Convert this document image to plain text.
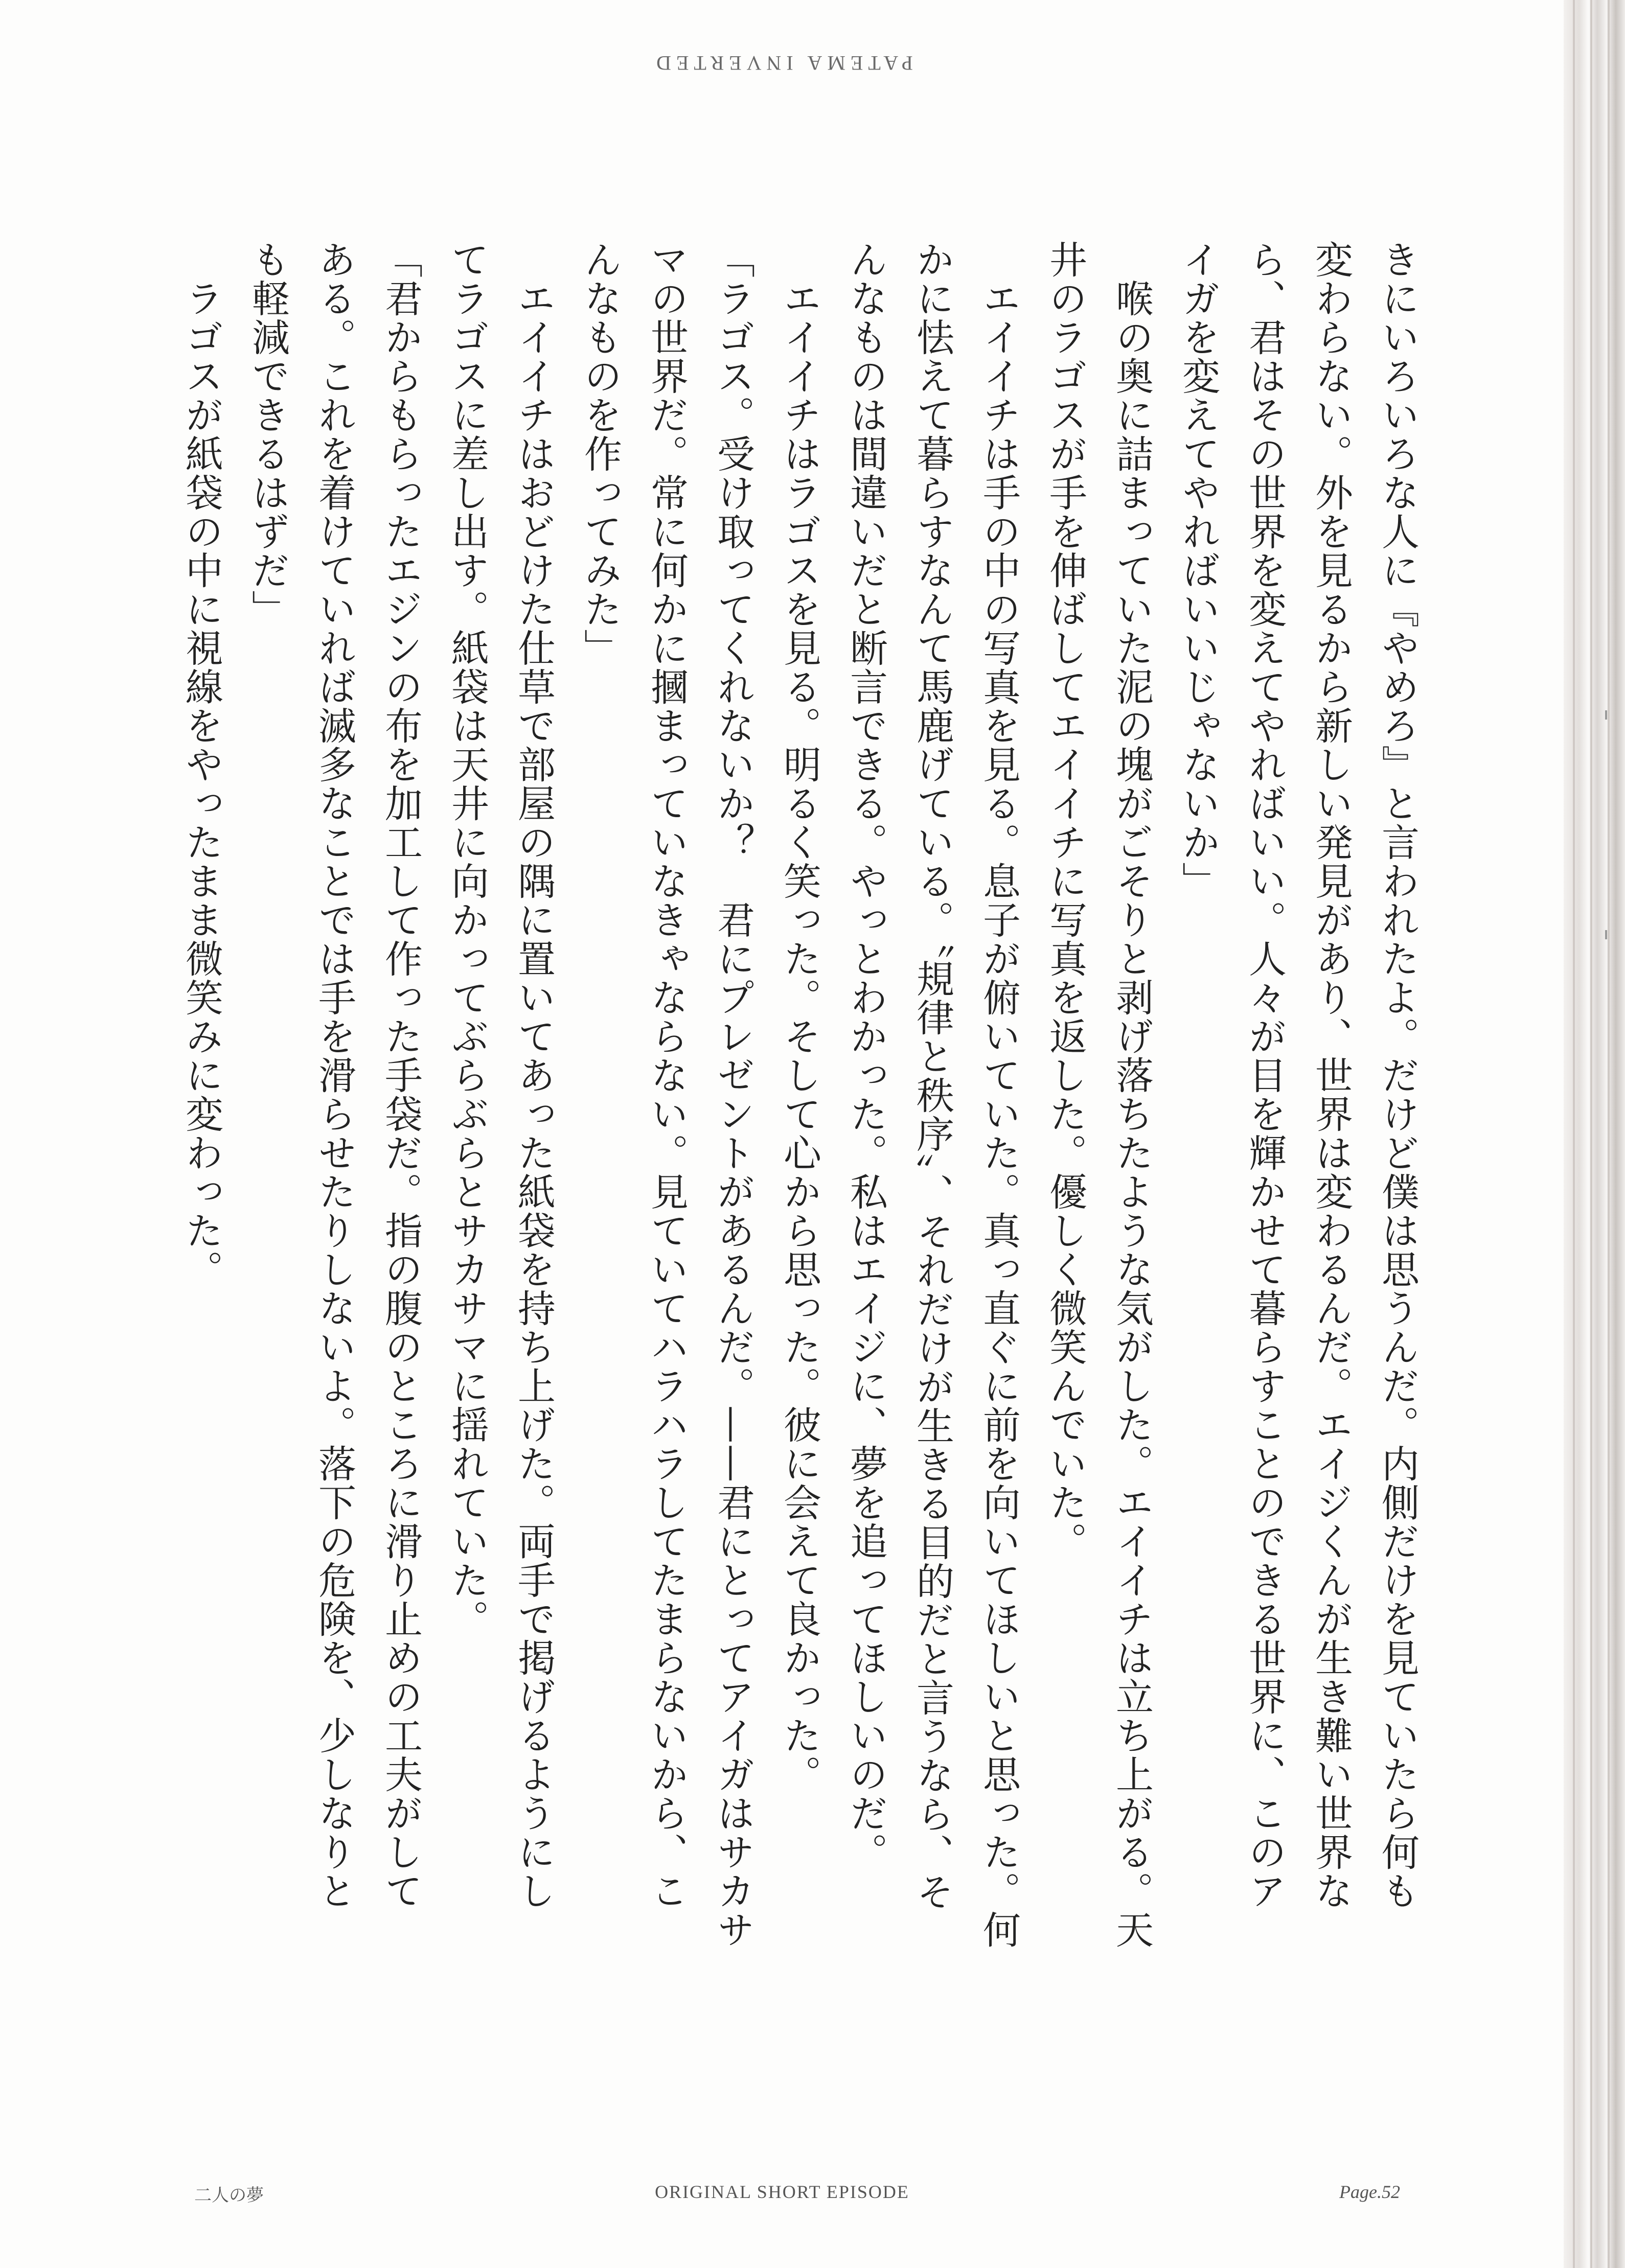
PATEMA INVERTED

きにいろいろな人に『やめろ』と言われたよ。だけど僕は思うんだ。内側だけを見ていたら何も

変わらない。外を見るから新しい発見があり、世界は変わるんだ。エイジくんが生き難い世界な

ら、君はその世界を変えてやればいい。人々が目を輝かせて暮らすことのできる世界に、このア

イガを変えてやればいいじゃないか」

　喉の奥に詰まっていた泥の塊がごそりと剥げ落ちたような気がした。エイイチは立ち上がる。天

井のラゴスが手を伸ばしてエイイチに写真を返した。優しく微笑んでいた。

　エイイチは手の中の写真を見る。息子が俯いていた。真っ直ぐに前を向いてほしいと思った。何

かに怯えて暮らすなんて馬鹿げている。〝規律と秩序〟、それだけが生きる目的だと言うなら、そ

んなものは間違いだと断言できる。やっとわかった。私はエイジに、夢を追ってほしいのだ。

　エイイチはラゴスを見る。明るく笑った。そして心から思った。彼に会えて良かった。

「ラゴス。受け取ってくれないか？　君にプレゼントがあるんだ。——君にとってアイガはサカサ

マの世界だ。常に何かに摑まっていなきゃならない。見ていてハラハラしてたまらないから、こ

んなものを作ってみた」

　エイイチはおどけた仕草で部屋の隅に置いてあった紙袋を持ち上げた。両手で掲げるようにし

てラゴスに差し出す。紙袋は天井に向かってぶらぶらとサカサマに揺れていた。

「君からもらったエジンの布を加工して作った手袋だ。指の腹のところに滑り止めの工夫がして

ある。これを着けていれば滅多なことでは手を滑らせたりしないよ。落下の危険を、少しなりと

も軽減できるはずだ」

　ラゴスが紙袋の中に視線をやったまま微笑みに変わった。

二人の夢	ORIGINAL SHORT EPISODE	Page.52
